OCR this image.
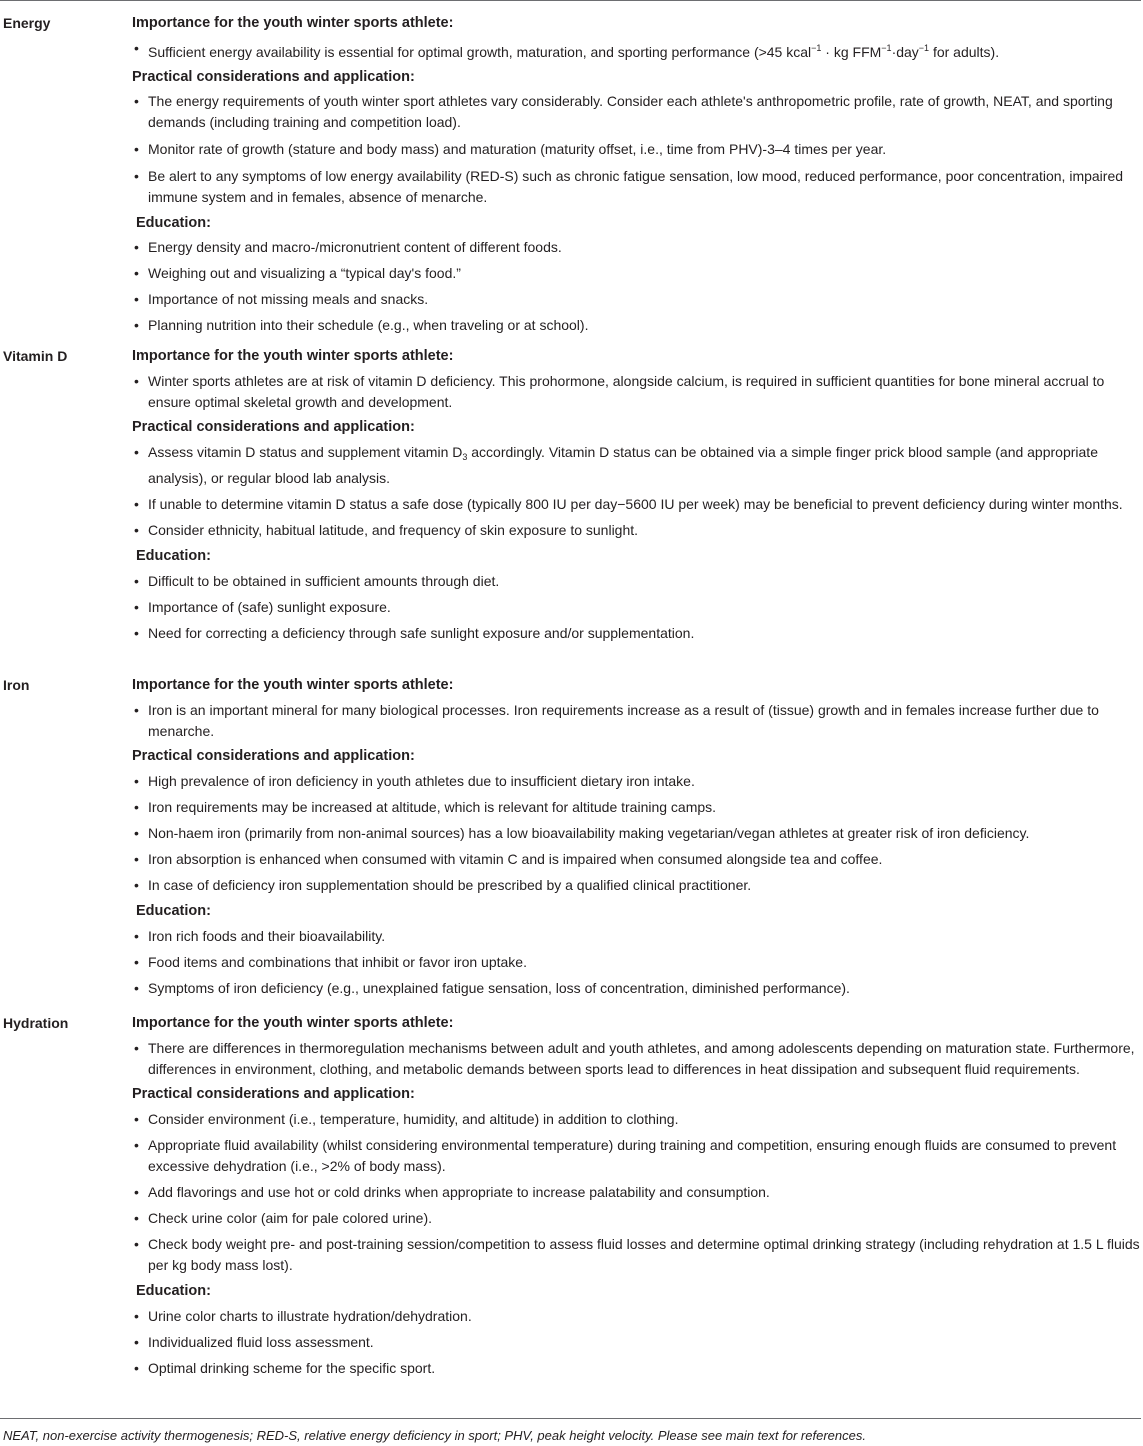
Energy	Importance for the youth winter sports athlete:

• Sufficient energy availability is essential for optimal growth, maturation, and sporting performance (>45 kcal$^{-1}$ · kg $FFM^{-1}\cdot day^{-1}$ for adults).

Practical considerations and application:

• The energy requirements of youth winter sport athletes vary considerably. Consider each athlete's anthropometric profile, rate of growth, NEAT, and sporting demands (including training and competition load).

• Monitor rate of growth (stature and body mass) and maturation (maturity offset, i.e., time from PHV)-3–4 times per year.

• Be alert to any symptoms of low energy availability (RED-S) such as chronic fatigue sensation, low mood, reduced performance, poor concentration, impaired immune system and in females, absence of menarche.

Education:

• Energy density and macro-/micronutrient content of different foods.

• Weighing out and visualizing a “typical day's food.”

• Importance of not missing meals and snacks.

• Planning nutrition into their schedule (e.g., when traveling or at school).

Vitamin D	Importance for the youth winter sports athlete:

• Winter sports athletes are at risk of vitamin D deficiency. This prohormone, alongside calcium, is required in sufficient quantities for bone mineral accrual to ensure optimal skeletal growth and development.

Practical considerations and application:

• Assess vitamin D status and supplement vitamin $D_3$ accordingly. Vitamin D status can be obtained via a simple finger prick blood sample (and appropriate analysis), or regular blood lab analysis.

• If unable to determine vitamin D status a safe dose (typically 800 IU per day−5600 IU per week) may be beneficial to prevent deficiency during winter months.

• Consider ethnicity, habitual latitude, and frequency of skin exposure to sunlight.

Education:

• Difficult to be obtained in sufficient amounts through diet.

• Importance of (safe) sunlight exposure.

• Need for correcting a deficiency through safe sunlight exposure and/or supplementation.

Iron	Importance for the youth winter sports athlete:

• Iron is an important mineral for many biological processes. Iron requirements increase as a result of (tissue) growth and in females increase further due to menarche.

Practical considerations and application:

• High prevalence of iron deficiency in youth athletes due to insufficient dietary iron intake.

• Iron requirements may be increased at altitude, which is relevant for altitude training camps.

• Non-haem iron (primarily from non-animal sources) has a low bioavailability making vegetarian/vegan athletes at greater risk of iron deficiency.

• Iron absorption is enhanced when consumed with vitamin C and is impaired when consumed alongside tea and coffee.

• In case of deficiency iron supplementation should be prescribed by a qualified clinical practitioner.

Education:

• Iron rich foods and their bioavailability.

• Food items and combinations that inhibit or favor iron uptake.

• Symptoms of iron deficiency (e.g., unexplained fatigue sensation, loss of concentration, diminished performance).

Hydration	Importance for the youth winter sports athlete:

• There are differences in thermoregulation mechanisms between adult and youth athletes, and among adolescents depending on maturation state. Furthermore, differences in environment, clothing, and metabolic demands between sports lead to differences in heat dissipation and subsequent fluid requirements.

Practical considerations and application:

• Consider environment (i.e., temperature, humidity, and altitude) in addition to clothing.

• Appropriate fluid availability (whilst considering environmental temperature) during training and competition, ensuring enough fluids are consumed to prevent excessive dehydration (i.e., >2% of body mass).

• Add flavorings and use hot or cold drinks when appropriate to increase palatability and consumption.

• Check urine color (aim for pale colored urine).

• Check body weight pre- and post-training session/competition to assess fluid losses and determine optimal drinking strategy (including rehydration at 1.5 L fluids per kg body mass lost).

Education:

• Urine color charts to illustrate hydration/dehydration.

• Individualized fluid loss assessment.

• Optimal drinking scheme for the specific sport.

NEAT, non-exercise activity thermogenesis; RED-S, relative energy deficiency in sport; PHV, peak height velocity. Please see main text for references.
